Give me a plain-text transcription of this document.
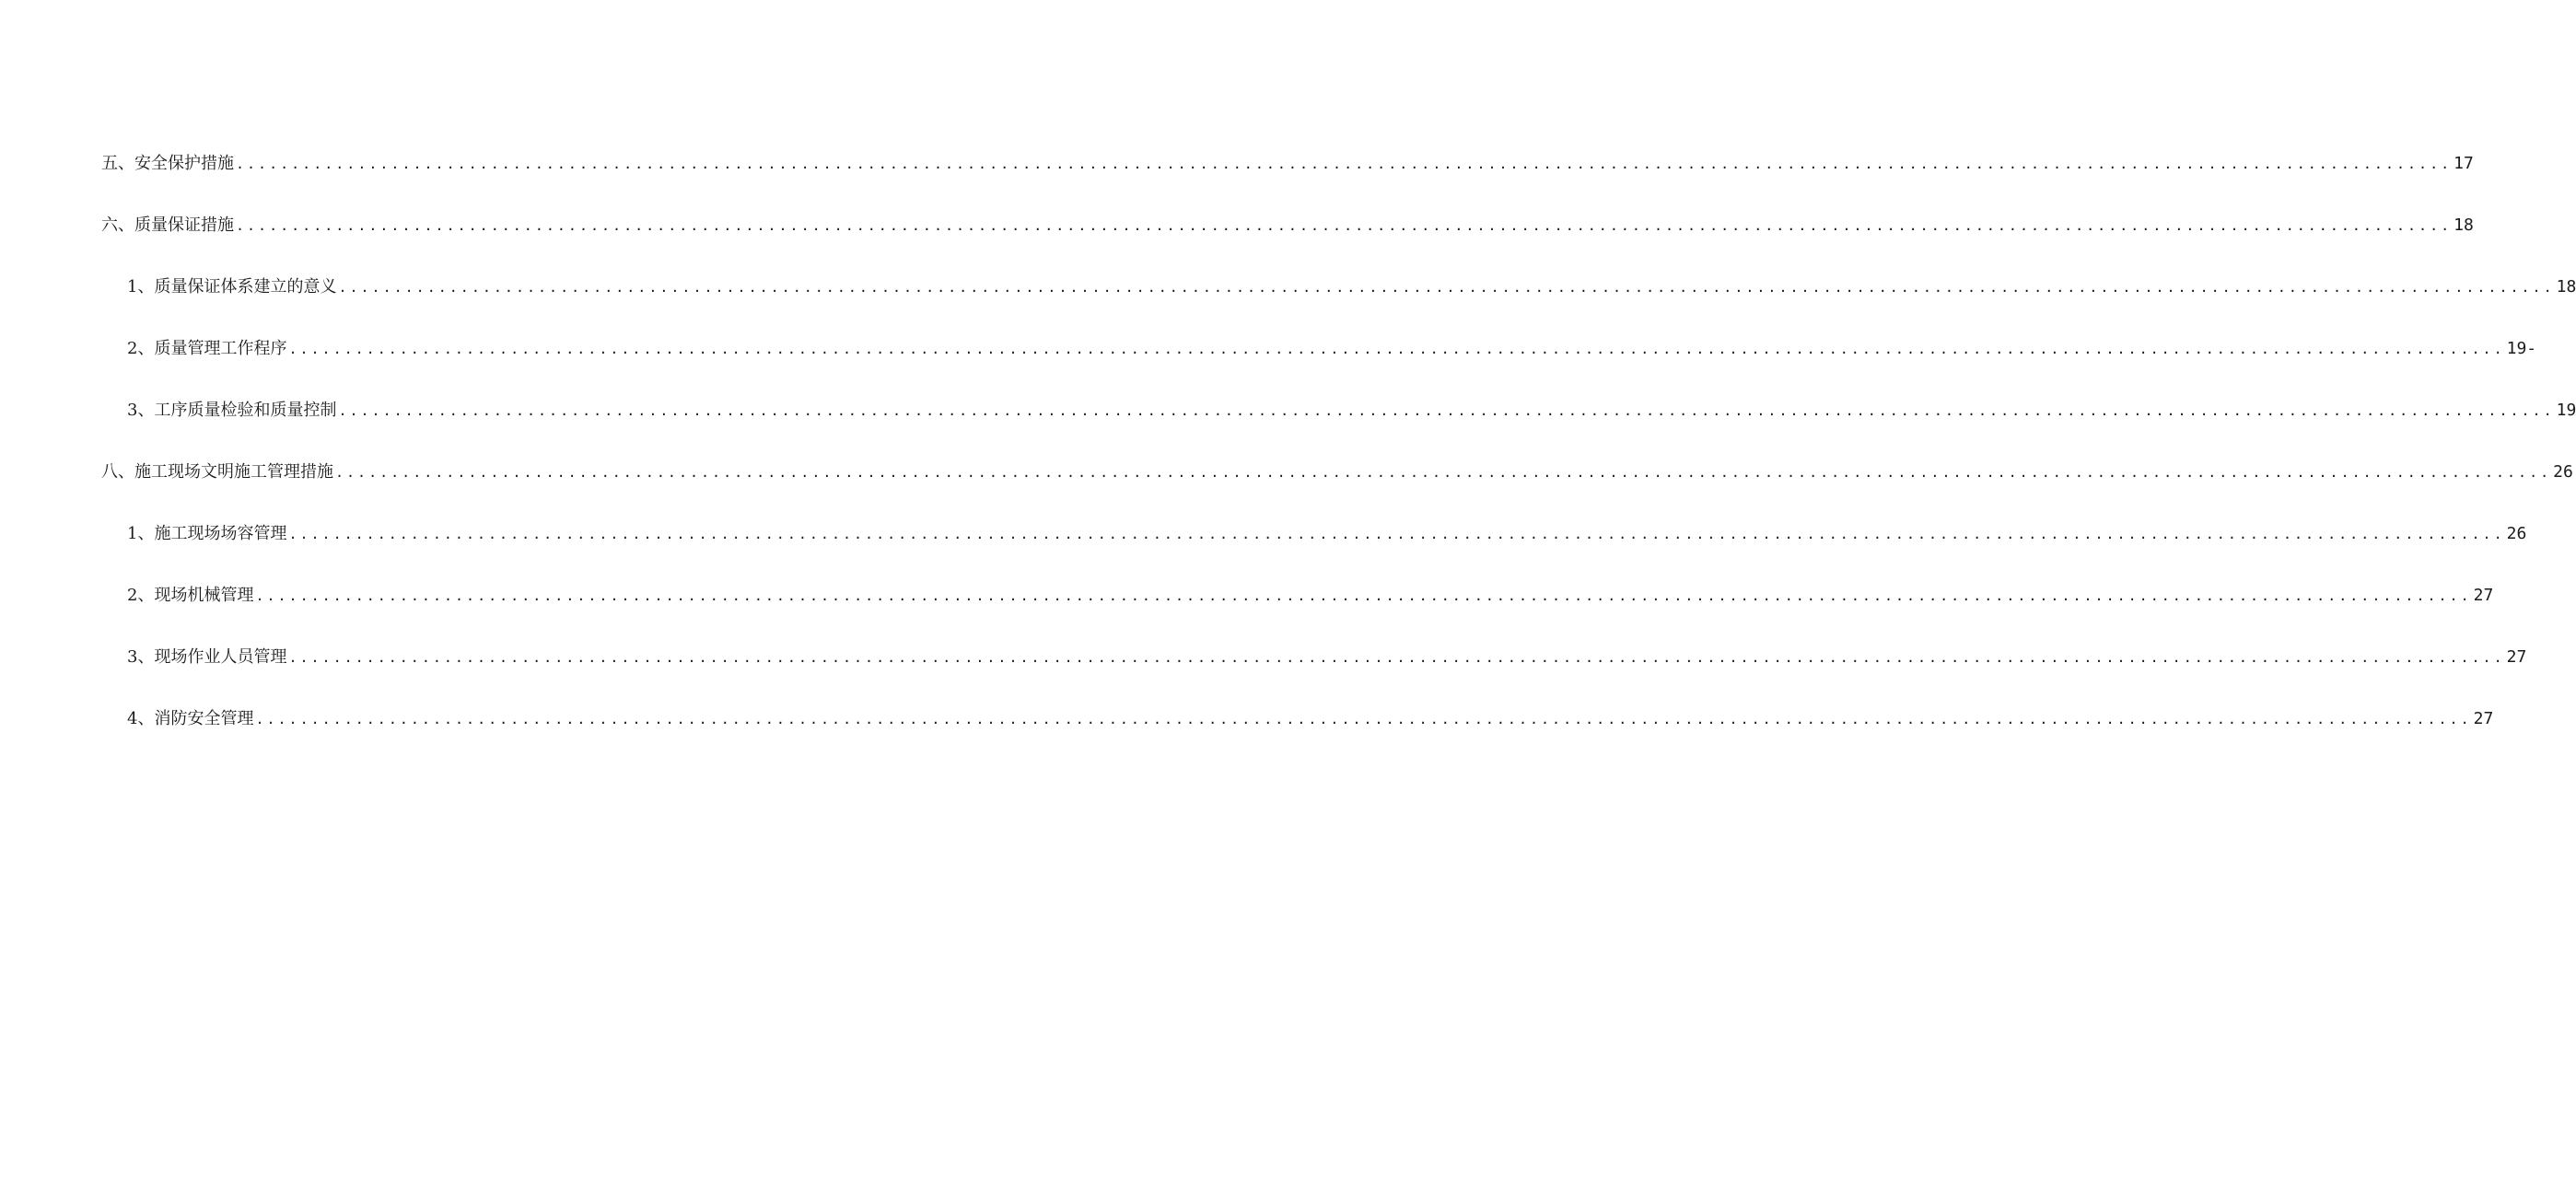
五、安全保护措施 ........................................................................................................................................................................................................ 17
六、质量保证措施 ........................................................................................................................................................................................................ 18
1、质量保证体系建立的意义 ........................................................................................................................................................................................................ 18
2、质量管理工作程序 ........................................................................................................................................................................................................ 19-
3、工序质量检验和质量控制 ........................................................................................................................................................................................................ 19
八、施工现场文明施工管理措施 ........................................................................................................................................................................................................ 26
1、施工现场场容管理 ........................................................................................................................................................................................................ 26
2、现场机械管理 ........................................................................................................................................................................................................ 27
3、现场作业人员管理 ........................................................................................................................................................................................................ 27
4、消防安全管理 ........................................................................................................................................................................................................ 27
